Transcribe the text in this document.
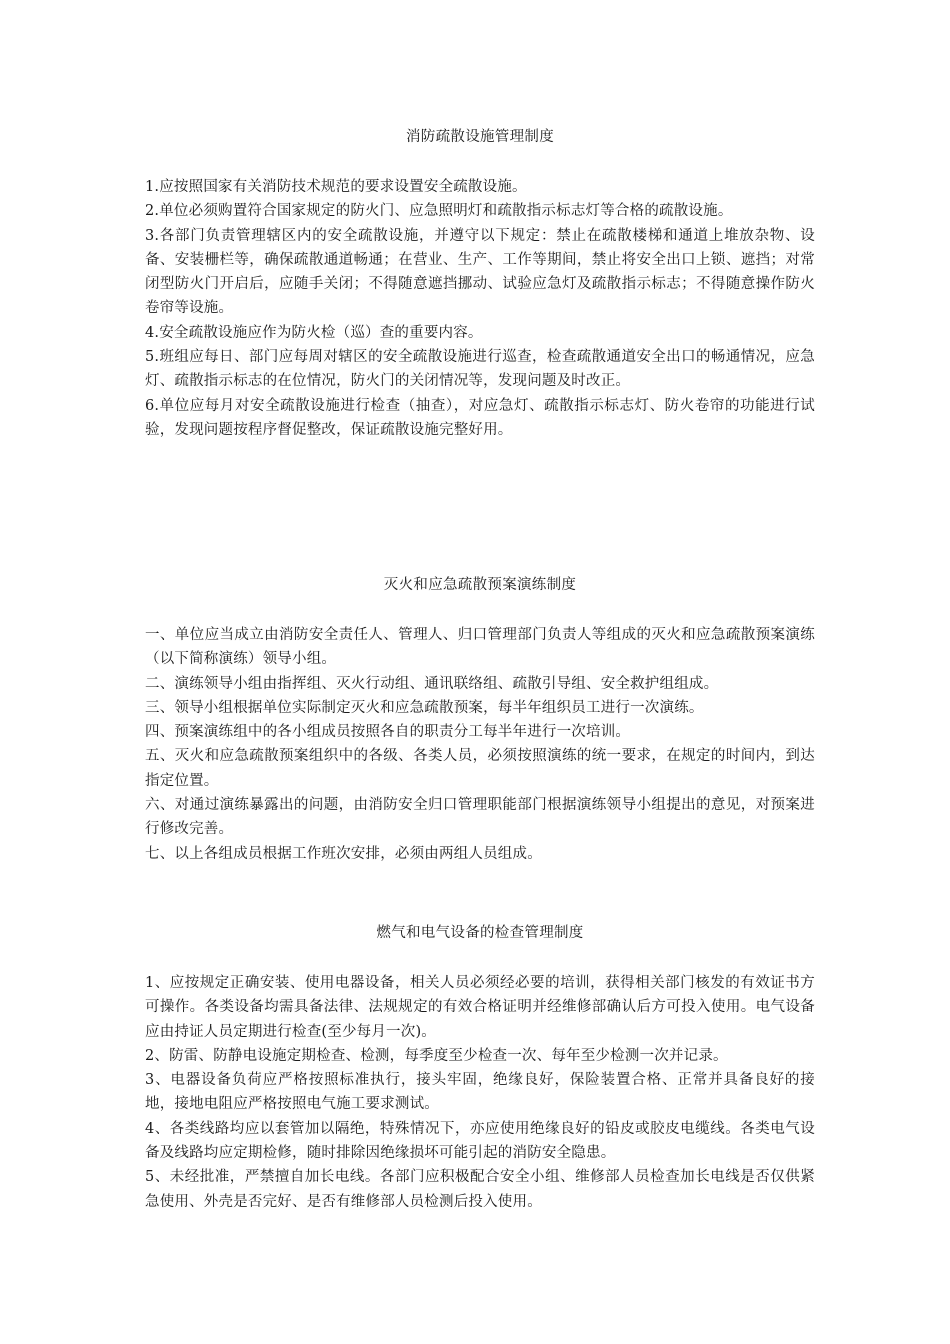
消防疏散设施管理制度

1.应按照国家有关消防技术规范的要求设置安全疏散设施。

2.单位必须购置符合国家规定的防火门、应急照明灯和疏散指示标志灯等合格的疏散设施。

3.各部门负责管理辖区内的安全疏散设施，并遵守以下规定：禁止在疏散楼梯和通道上堆放杂物、设备、安装栅栏等，确保疏散通道畅通；在营业、生产、工作等期间，禁止将安全出口上锁、遮挡；对常闭型防火门开启后，应随手关闭；不得随意遮挡挪动、试验应急灯及疏散指示标志；不得随意操作防火卷帘等设施。

4.安全疏散设施应作为防火检（巡）查的重要内容。

5.班组应每日、部门应每周对辖区的安全疏散设施进行巡查，检查疏散通道安全出口的畅通情况，应急灯、疏散指示标志的在位情况，防火门的关闭情况等，发现问题及时改正。

6.单位应每月对安全疏散设施进行检查（抽查），对应急灯、疏散指示标志灯、防火卷帘的功能进行试验，发现问题按程序督促整改，保证疏散设施完整好用。

灭火和应急疏散预案演练制度

一、单位应当成立由消防安全责任人、管理人、归口管理部门负责人等组成的灭火和应急疏散预案演练（以下简称演练）领导小组。

二、演练领导小组由指挥组、灭火行动组、通讯联络组、疏散引导组、安全救护组组成。

三、领导小组根据单位实际制定灭火和应急疏散预案，每半年组织员工进行一次演练。

四、预案演练组中的各小组成员按照各自的职责分工每半年进行一次培训。

五、灭火和应急疏散预案组织中的各级、各类人员，必须按照演练的统一要求，在规定的时间内，到达指定位置。

六、对通过演练暴露出的问题，由消防安全归口管理职能部门根据演练领导小组提出的意见，对预案进行修改完善。

七、以上各组成员根据工作班次安排，必须由两组人员组成。

燃气和电气设备的检查管理制度

1、应按规定正确安装、使用电器设备，相关人员必须经必要的培训，获得相关部门核发的有效证书方可操作。各类设备均需具备法律、法规规定的有效合格证明并经维修部确认后方可投入使用。电气设备应由持证人员定期进行检查(至少每月一次)。

2、防雷、防静电设施定期检查、检测，每季度至少检查一次、每年至少检测一次并记录。

3、电器设备负荷应严格按照标准执行，接头牢固，绝缘良好，保险装置合格、正常并具备良好的接地，接地电阻应严格按照电气施工要求测试。

4、各类线路均应以套管加以隔绝，特殊情况下，亦应使用绝缘良好的铅皮或胶皮电缆线。各类电气设备及线路均应定期检修，随时排除因绝缘损坏可能引起的消防安全隐患。

5、未经批准，严禁擅自加长电线。各部门应积极配合安全小组、维修部人员检查加长电线是否仅供紧急使用、外壳是否完好、是否有维修部人员检测后投入使用。
